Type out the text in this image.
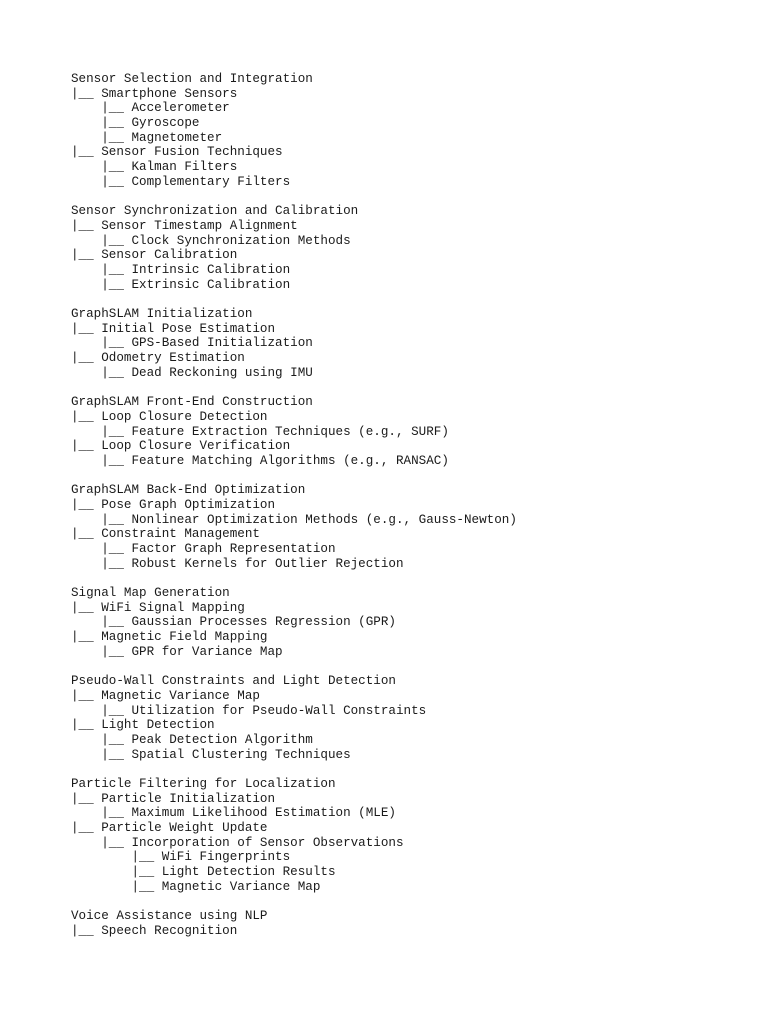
Sensor Selection and Integration
|__ Smartphone Sensors
|__ Accelerometer
|__ Gyroscope
|__ Magnetometer
|__ Sensor Fusion Techniques
|__ Kalman Filters
|__ Complementary Filters
Sensor Synchronization and Calibration
|__ Sensor Timestamp Alignment
|__ Clock Synchronization Methods
|__ Sensor Calibration
|__ Intrinsic Calibration
|__ Extrinsic Calibration
GraphSLAM Initialization
|__ Initial Pose Estimation
|__ GPS-Based Initialization
|__ Odometry Estimation
|__ Dead Reckoning using IMU
GraphSLAM Front-End Construction
|__ Loop Closure Detection
|__ Feature Extraction Techniques (e.g., SURF)
|__ Loop Closure Verification
|__ Feature Matching Algorithms (e.g., RANSAC)
GraphSLAM Back-End Optimization
|__ Pose Graph Optimization
|__ Nonlinear Optimization Methods (e.g., Gauss-Newton)
|__ Constraint Management
|__ Factor Graph Representation
|__ Robust Kernels for Outlier Rejection
Signal Map Generation
|__ WiFi Signal Mapping
|__ Gaussian Processes Regression (GPR)
|__ Magnetic Field Mapping
|__ GPR for Variance Map
Pseudo-Wall Constraints and Light Detection
|__ Magnetic Variance Map
|__ Utilization for Pseudo-Wall Constraints
|__ Light Detection
|__ Peak Detection Algorithm
|__ Spatial Clustering Techniques
Particle Filtering for Localization
|__ Particle Initialization
|__ Maximum Likelihood Estimation (MLE)
|__ Particle Weight Update
|__ Incorporation of Sensor Observations
|__ WiFi Fingerprints
|__ Light Detection Results
|__ Magnetic Variance Map
Voice Assistance using NLP
|__ Speech Recognition
